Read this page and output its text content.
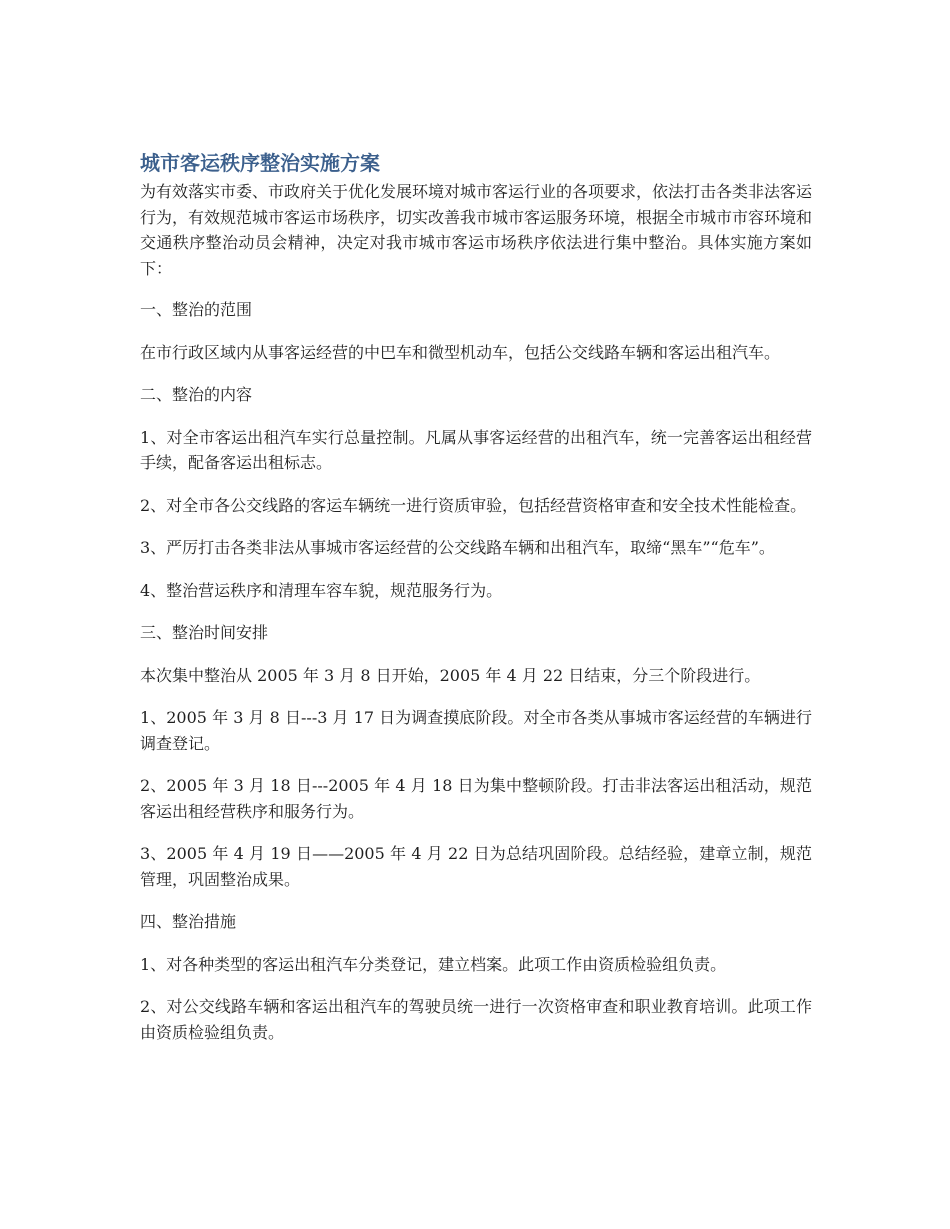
城市客运秩序整治实施方案

为有效落实市委、市政府关于优化发展环境对城市客运行业的各项要求，依法打击各类非法客运行为，有效规范城市客运市场秩序，切实改善我市城市客运服务环境，根据全市城市市容环境和交通秩序整治动员会精神，决定对我市城市客运市场秩序依法进行集中整治。具体实施方案如下：

一、整治的范围

在市行政区域内从事客运经营的中巴车和微型机动车，包括公交线路车辆和客运出租汽车。

二、整治的内容

1、对全市客运出租汽车实行总量控制。凡属从事客运经营的出租汽车，统一完善客运出租经营手续，配备客运出租标志。

2、对全市各公交线路的客运车辆统一进行资质审验，包括经营资格审查和安全技术性能检查。

3、严厉打击各类非法从事城市客运经营的公交线路车辆和出租汽车，取缔“黑车”“危车”。

4、整治营运秩序和清理车容车貌，规范服务行为。

三、整治时间安排

本次集中整治从 2005 年 3 月 8 日开始，2005 年 4 月 22 日结束，分三个阶段进行。

1、2005 年 3 月 8 日---3 月 17 日为调查摸底阶段。对全市各类从事城市客运经营的车辆进行调查登记。

2、2005 年 3 月 18 日---2005 年 4 月 18 日为集中整顿阶段。打击非法客运出租活动，规范客运出租经营秩序和服务行为。

3、2005 年 4 月 19 日——2005 年 4 月 22 日为总结巩固阶段。总结经验，建章立制，规范管理，巩固整治成果。

四、整治措施

1、对各种类型的客运出租汽车分类登记，建立档案。此项工作由资质检验组负责。

2、对公交线路车辆和客运出租汽车的驾驶员统一进行一次资格审查和职业教育培训。此项工作由资质检验组负责。
